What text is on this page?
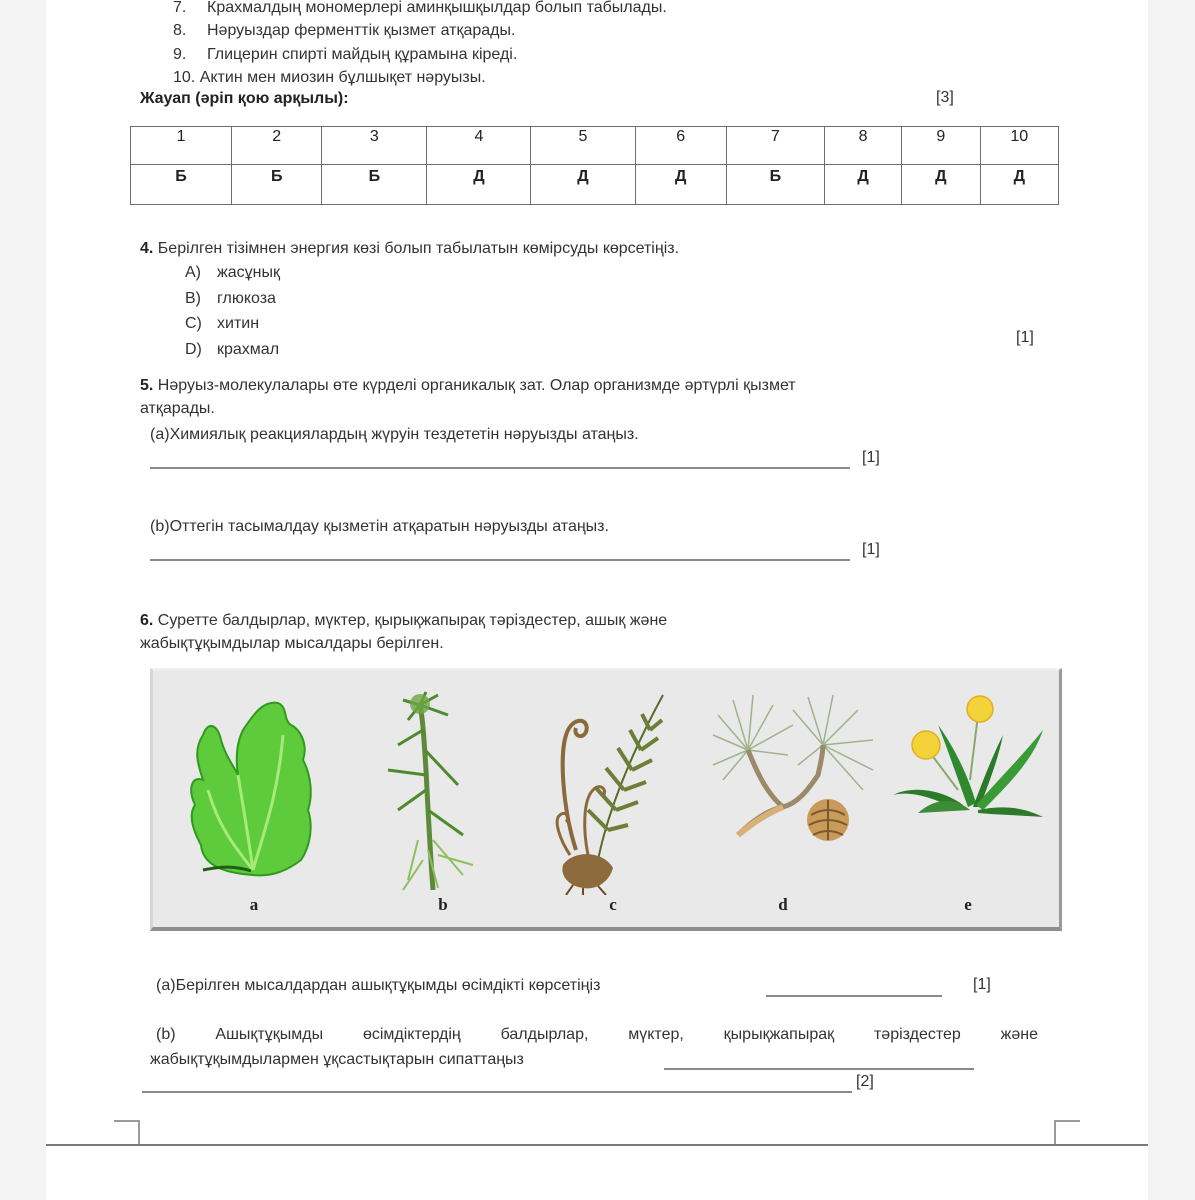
7. Крахмалдың мономерлері аминқышқылдар болып табылады.
8. Нәруыздар ферменттік қызмет атқарады.
9. Глицерин спирті майдың құрамына кіреді.
10. Актин мен миозин бұлшықет нәруызы.
Жауап (әріп қою арқылы):	[3]
1	2	3	4	5	6	7	8	9	10
Б	Б	Б	Д	Д	Д	Б	Д	Д	Д
4. Берілген тізімнен энергия көзі болып табылатын көмірсуды көрсетіңіз.
A) жасұнық
B) глюкоза
C) хитин
D) крахмал
[1]
5. Нәруыз-молекулалары өте күрделі органикалық зат. Олар организмде әртүрлі қызмет
атқарады.
(a)Химиялық реакциялардың жүруін тездететін нәруызды атаңыз.
[1]
(b)Оттегін тасымалдау қызметін атқаратын нәруызды атаңыз.
[1]
6. Суретте балдырлар, мүктер, қырықжапырақ тәріздестер, ашық және
жабықтұқымдылар мысалдары берілген.
a	b	c	d	e
(a)Берілген мысалдардан ашықтұқымды өсімдікті көрсетіңіз	[1]
(b) Ашықтұқымды өсімдіктердің балдырлар, мүктер, қырықжапырақ тәріздестер және
жабықтұқымдылармен ұқсастықтарын сипаттаңыз
[2]
